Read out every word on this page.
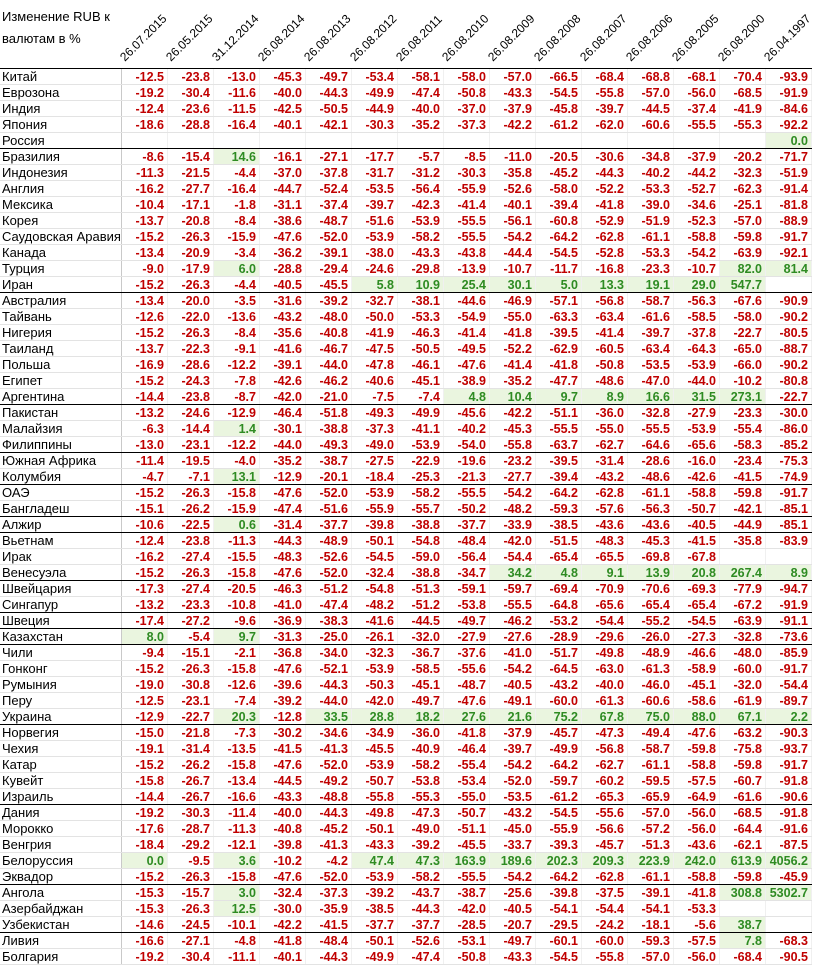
Изменение RUB к валютам в %	26.07.2015	26.05.2015	31.12.2014	26.08.2014	26.08.2013	26.08.2012	26.08.2011	26.08.2010	26.08.2009	26.08.2008	26.08.2007	26.08.2006	26.08.2005	26.08.2000	26.04.1997

Китай	-12.5	-23.8	-13.0	-45.3	-49.7	-53.4	-58.1	-58.0	-57.0	-66.5	-68.4	-68.8	-68.1	-70.4	-93.9
Еврозона	-19.2	-30.4	-11.6	-40.0	-44.3	-49.9	-47.4	-50.8	-43.3	-54.5	-55.8	-57.0	-56.0	-68.5	-91.9
Индия	-12.4	-23.6	-11.5	-42.5	-50.5	-44.9	-40.0	-37.0	-37.9	-45.8	-39.7	-44.5	-37.4	-41.9	-84.6
Япония	-18.6	-28.8	-16.4	-40.1	-42.1	-30.3	-35.2	-37.3	-42.2	-61.2	-62.0	-60.6	-55.5	-55.3	-92.2
Россия															0.0
Бразилия	-8.6	-15.4	14.6	-16.1	-27.1	-17.7	-5.7	-8.5	-11.0	-20.5	-30.6	-34.8	-37.9	-20.2	-71.7
Индонезия	-11.3	-21.5	-4.4	-37.0	-37.8	-31.7	-31.2	-30.3	-35.8	-45.2	-44.3	-40.2	-44.2	-32.3	-51.9
Англия	-16.2	-27.7	-16.4	-44.7	-52.4	-53.5	-56.4	-55.9	-52.6	-58.0	-52.2	-53.3	-52.7	-62.3	-91.4
Мексика	-10.4	-17.1	-1.8	-31.1	-37.4	-39.7	-42.3	-41.4	-40.1	-39.4	-41.8	-39.0	-34.6	-25.1	-81.8
Корея	-13.7	-20.8	-8.4	-38.6	-48.7	-51.6	-53.9	-55.5	-56.1	-60.8	-52.9	-51.9	-52.3	-57.0	-88.9
Саудовская Аравия	-15.2	-26.3	-15.9	-47.6	-52.0	-53.9	-58.2	-55.5	-54.2	-64.2	-62.8	-61.1	-58.8	-59.8	-91.7
Канада	-13.4	-20.9	-3.4	-36.2	-39.1	-38.0	-43.3	-43.8	-44.4	-54.5	-52.8	-53.3	-54.2	-63.9	-92.1
Турция	-9.0	-17.9	6.0	-28.8	-29.4	-24.6	-29.8	-13.9	-10.7	-11.7	-16.8	-23.3	-10.7	82.0	81.4
Иран	-15.2	-26.3	-4.4	-40.5	-45.5	5.8	10.9	25.4	30.1	5.0	13.3	19.1	29.0	547.7	
Австралия	-13.4	-20.0	-3.5	-31.6	-39.2	-32.7	-38.1	-44.6	-46.9	-57.1	-56.8	-58.7	-56.3	-67.6	-90.9
Тайвань	-12.6	-22.0	-13.6	-43.2	-48.0	-50.0	-53.3	-54.9	-55.0	-63.3	-63.4	-61.6	-58.5	-58.0	-90.2
Нигерия	-15.2	-26.3	-8.4	-35.6	-40.8	-41.9	-46.3	-41.4	-41.8	-39.5	-41.4	-39.7	-37.8	-22.7	-80.5
Таиланд	-13.7	-22.3	-9.1	-41.6	-46.7	-47.5	-50.5	-49.5	-52.2	-62.9	-60.5	-63.4	-64.3	-65.0	-88.7
Польша	-16.9	-28.6	-12.2	-39.1	-44.0	-47.8	-46.1	-47.6	-41.4	-41.8	-50.8	-53.5	-53.9	-66.0	-90.2
Египет	-15.2	-24.3	-7.8	-42.6	-46.2	-40.6	-45.1	-38.9	-35.2	-47.7	-48.6	-47.0	-44.0	-10.2	-80.8
Аргентина	-14.4	-23.8	-8.7	-42.0	-21.0	-7.5	-7.4	4.8	10.4	9.7	8.9	16.6	31.5	273.1	-22.7
Пакистан	-13.2	-24.6	-12.9	-46.4	-51.8	-49.3	-49.9	-45.6	-42.2	-51.1	-36.0	-32.8	-27.9	-23.3	-30.0
Малайзия	-6.3	-14.4	1.4	-30.1	-38.8	-37.3	-41.1	-40.2	-45.3	-55.5	-55.0	-55.5	-53.9	-55.4	-86.0
Филиппины	-13.0	-23.1	-12.2	-44.0	-49.3	-49.0	-53.9	-54.0	-55.8	-63.7	-62.7	-64.6	-65.6	-58.3	-85.2
Южная Африка	-11.4	-19.5	-4.0	-35.2	-38.7	-27.5	-22.9	-19.6	-23.2	-39.5	-31.4	-28.6	-16.0	-23.4	-75.3
Колумбия	-4.7	-7.1	13.1	-12.9	-20.1	-18.4	-25.3	-21.3	-27.7	-39.4	-43.2	-48.6	-42.6	-41.5	-74.9
ОАЭ	-15.2	-26.3	-15.8	-47.6	-52.0	-53.9	-58.2	-55.5	-54.2	-64.2	-62.8	-61.1	-58.8	-59.8	-91.7
Бангладеш	-15.1	-26.2	-15.9	-47.4	-51.6	-55.9	-55.7	-50.2	-48.2	-59.3	-57.6	-56.3	-50.7	-42.1	-85.1
Алжир	-10.6	-22.5	0.6	-31.4	-37.7	-39.8	-38.8	-37.7	-33.9	-38.5	-43.6	-43.6	-40.5	-44.9	-85.1
Вьетнам	-12.4	-23.8	-11.3	-44.3	-48.9	-50.1	-54.8	-48.4	-42.0	-51.5	-48.3	-45.3	-41.5	-35.8	-83.9
Ирак	-16.2	-27.4	-15.5	-48.3	-52.6	-54.5	-59.0	-56.4	-54.4	-65.4	-65.5	-69.8	-67.8		
Венесуэла	-15.2	-26.3	-15.8	-47.6	-52.0	-32.4	-38.8	-34.7	34.2	4.8	9.1	13.9	20.8	267.4	8.9
Швейцария	-17.3	-27.4	-20.5	-46.3	-51.2	-54.8	-51.3	-59.1	-59.7	-69.4	-70.9	-70.6	-69.3	-77.9	-94.7
Сингапур	-13.2	-23.3	-10.8	-41.0	-47.4	-48.2	-51.2	-53.8	-55.5	-64.8	-65.6	-65.4	-65.4	-67.2	-91.9
Швеция	-17.4	-27.2	-9.6	-36.9	-38.3	-41.6	-44.5	-49.7	-46.2	-53.2	-54.4	-55.2	-54.5	-63.9	-91.1
Казахстан	8.0	-5.4	9.7	-31.3	-25.0	-26.1	-32.0	-27.9	-27.6	-28.9	-29.6	-26.0	-27.3	-32.8	-73.6
Чили	-9.4	-15.1	-2.1	-36.8	-34.0	-32.3	-36.7	-37.6	-41.0	-51.7	-49.8	-48.9	-46.6	-48.0	-85.9
Гонконг	-15.2	-26.3	-15.8	-47.6	-52.1	-53.9	-58.5	-55.6	-54.2	-64.5	-63.0	-61.3	-58.9	-60.0	-91.7
Румыния	-19.0	-30.8	-12.6	-39.6	-44.3	-50.3	-45.1	-48.7	-40.5	-43.2	-40.0	-46.0	-45.1	-32.0	-54.4
Перу	-12.5	-23.1	-7.4	-39.2	-44.0	-42.0	-49.7	-47.6	-49.1	-60.0	-61.3	-60.6	-58.6	-61.9	-89.7
Украина	-12.9	-22.7	20.3	-12.8	33.5	28.8	18.2	27.6	21.6	75.2	67.8	75.0	88.0	67.1	2.2
Норвегия	-15.0	-21.8	-7.3	-30.2	-34.6	-34.9	-36.0	-41.8	-37.9	-45.7	-47.3	-49.4	-47.6	-63.2	-90.3
Чехия	-19.1	-31.4	-13.5	-41.5	-41.3	-45.5	-40.9	-46.4	-39.7	-49.9	-56.8	-58.7	-59.8	-75.8	-93.7
Катар	-15.2	-26.2	-15.8	-47.6	-52.0	-53.9	-58.2	-55.4	-54.2	-64.2	-62.7	-61.1	-58.8	-59.8	-91.7
Кувейт	-15.8	-26.7	-13.4	-44.5	-49.2	-50.7	-53.8	-53.4	-52.0	-59.7	-60.2	-59.5	-57.5	-60.7	-91.8
Израиль	-14.4	-26.7	-16.6	-43.3	-48.8	-55.8	-55.3	-55.0	-53.5	-61.2	-65.3	-65.9	-64.9	-61.6	-90.6
Дания	-19.2	-30.3	-11.4	-40.0	-44.3	-49.8	-47.3	-50.7	-43.2	-54.5	-55.6	-57.0	-56.0	-68.5	-91.8
Морокко	-17.6	-28.7	-11.3	-40.8	-45.2	-50.1	-49.0	-51.1	-45.0	-55.9	-56.6	-57.2	-56.0	-64.4	-91.6
Венгрия	-18.4	-29.2	-12.1	-39.8	-41.3	-43.3	-39.2	-45.5	-33.7	-39.3	-45.7	-51.3	-43.6	-62.1	-87.5
Белоруссия	0.0	-9.5	3.6	-10.2	-4.2	47.4	47.3	163.9	189.6	202.3	209.3	223.9	242.0	613.9	4056.2
Эквадор	-15.2	-26.3	-15.8	-47.6	-52.0	-53.9	-58.2	-55.5	-54.2	-64.2	-62.8	-61.1	-58.8	-59.8	-45.9
Ангола	-15.3	-15.7	3.0	-32.4	-37.3	-39.2	-43.7	-38.7	-25.6	-39.8	-37.5	-39.1	-41.8	308.8	5302.7
Азербайджан	-15.3	-26.3	12.5	-30.0	-35.9	-38.5	-44.3	-42.0	-40.5	-54.1	-54.4	-54.1	-53.3		
Узбекистан	-14.6	-24.5	-10.1	-42.2	-41.5	-37.7	-37.7	-28.5	-20.7	-29.5	-24.2	-18.1	-5.6	38.7	
Ливия	-16.6	-27.1	-4.8	-41.8	-48.4	-50.1	-52.6	-53.1	-49.7	-60.1	-60.0	-59.3	-57.5	7.8	-68.3
Болгария	-19.2	-30.4	-11.1	-40.1	-44.3	-49.9	-47.4	-50.8	-43.3	-54.5	-55.8	-57.0	-56.0	-68.4	-90.5
